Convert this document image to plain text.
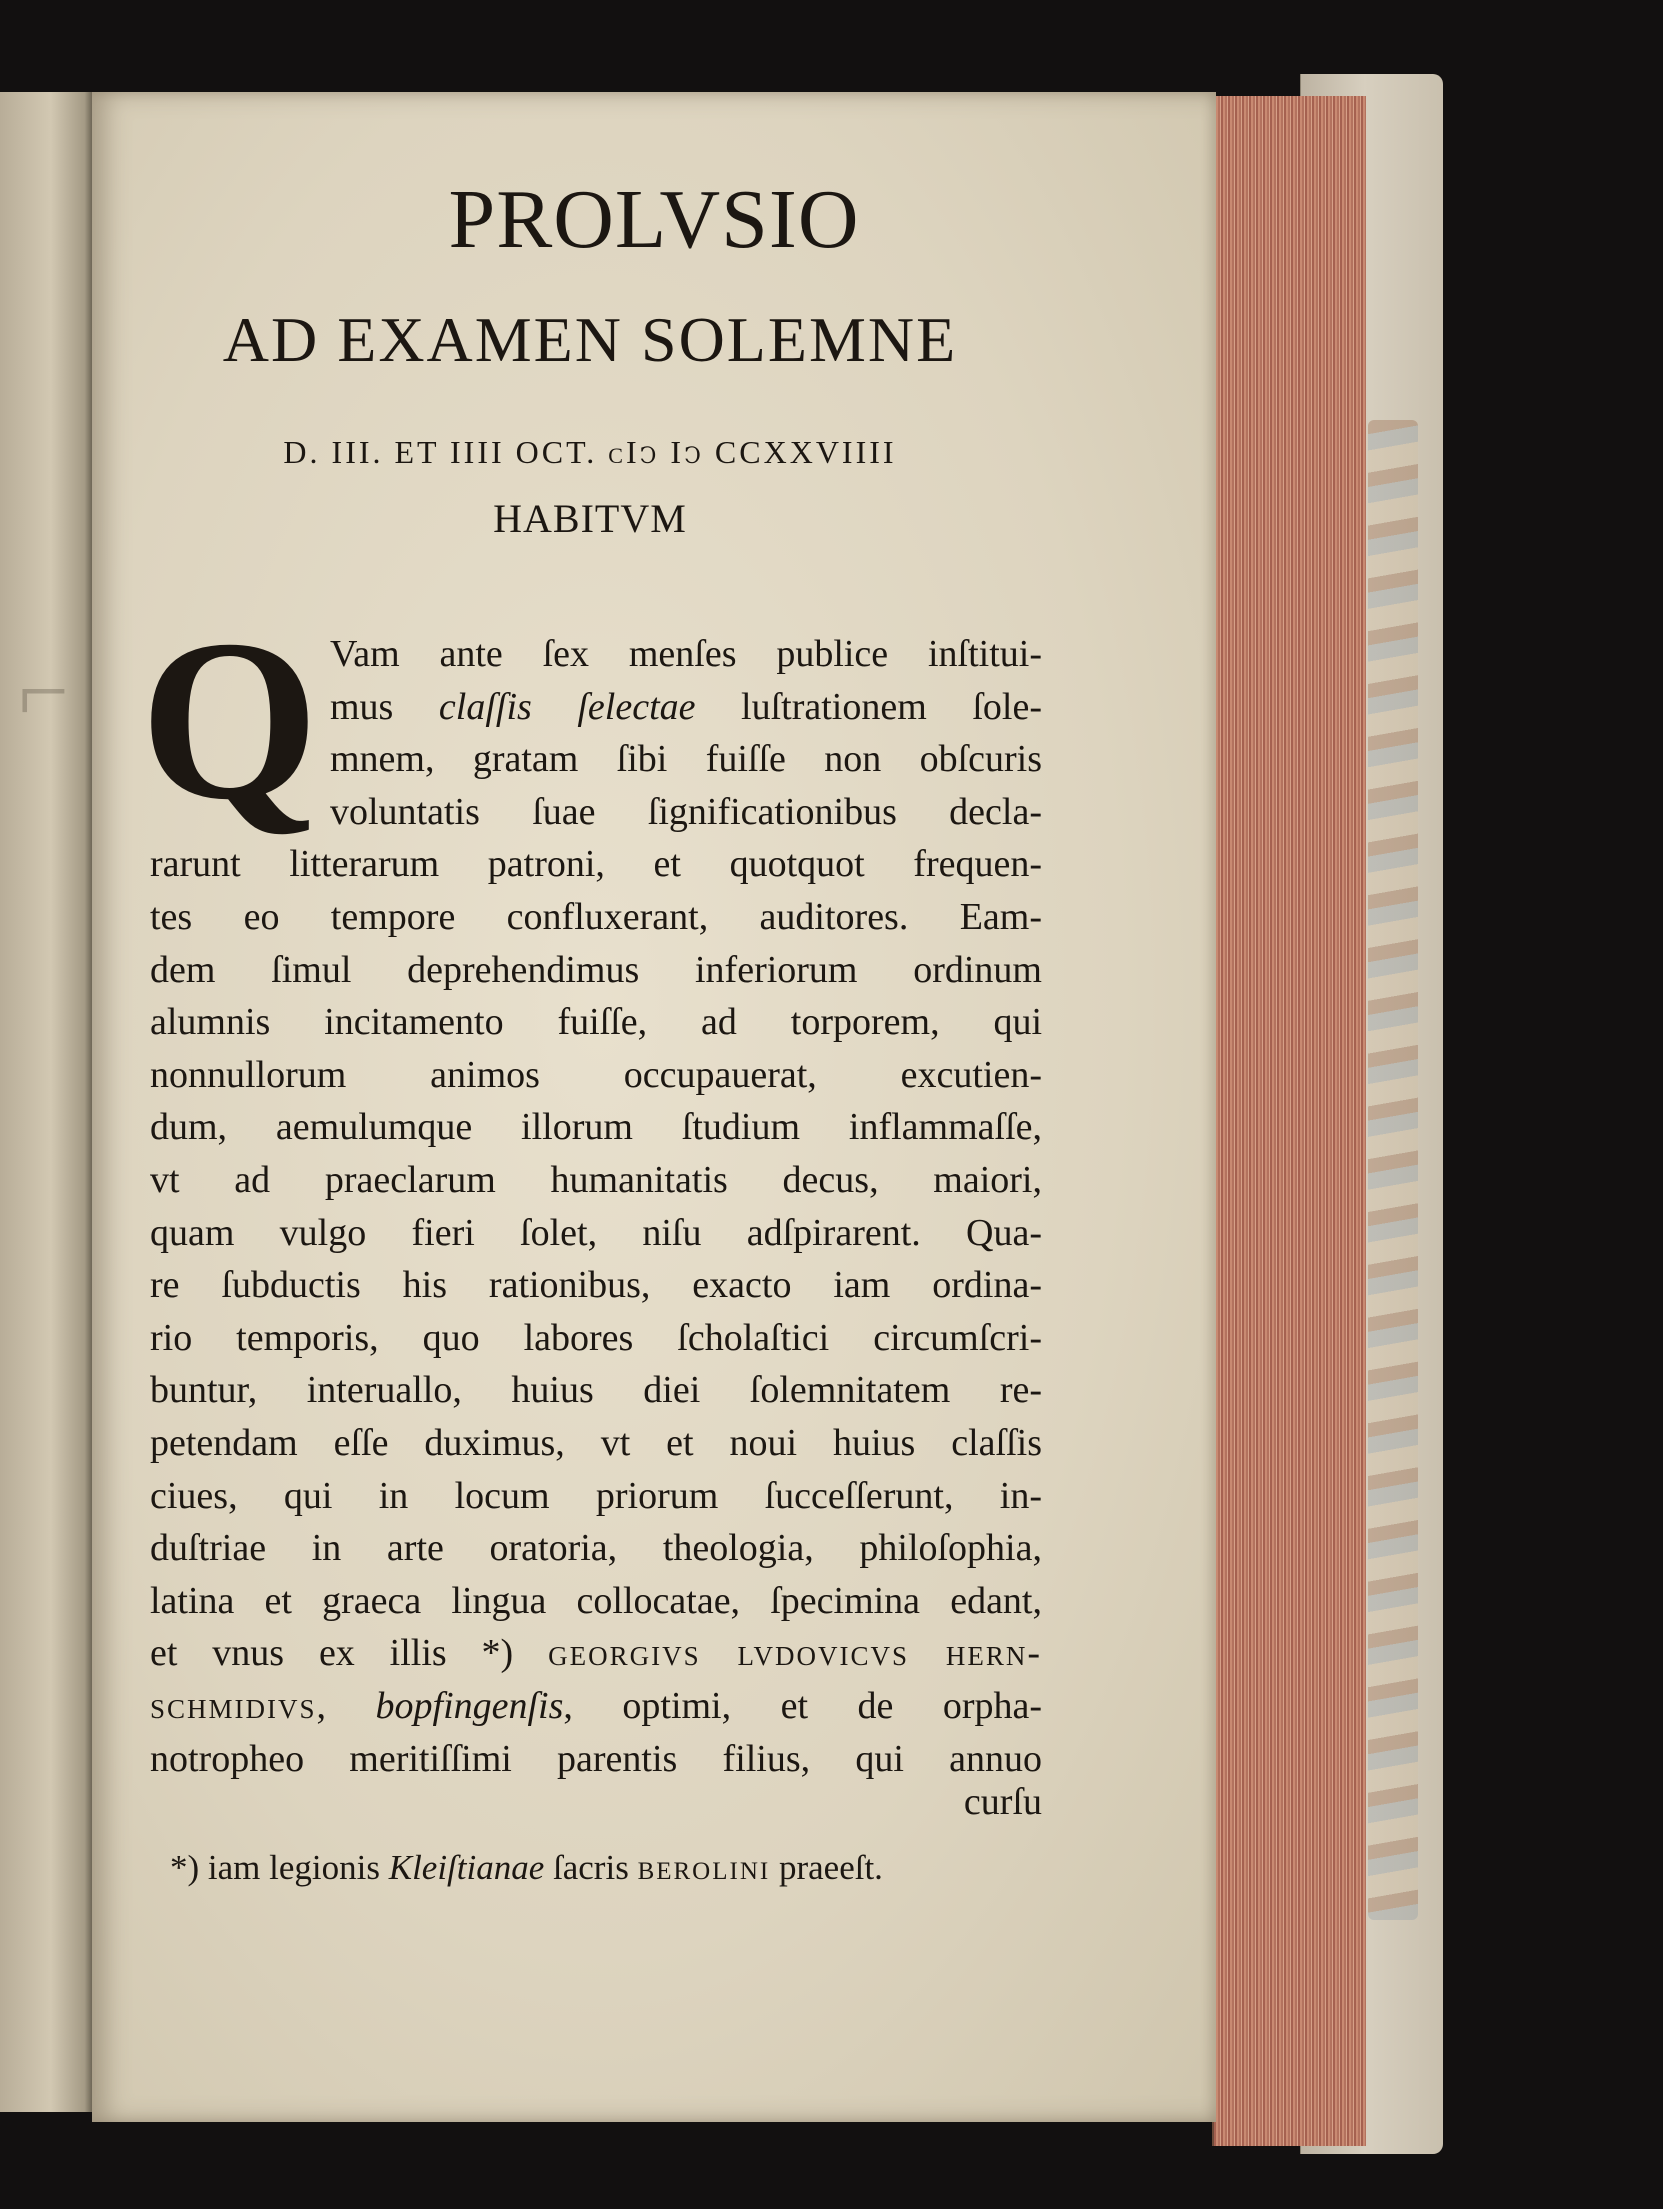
⌐
PROLVSIO
AD EXAMEN SOLEMNE
D. III. ET IIII OCT. cIↄ Iↄ CCXXVIIII
HABITVM
Q Vam ante ſex menſes publice inſtitui-
mus claſſis ſelectae luſtrationem ſole-
mnem, gratam ſibi fuiſſe non obſcuris
voluntatis ſuae ſignificationibus decla-
rarunt litterarum patroni, et quotquot frequen-
tes eo tempore confluxerant, auditores. Eam-
dem ſimul deprehendimus inferiorum ordinum
alumnis incitamento fuiſſe, ad torporem, qui
nonnullorum animos occupauerat, excutien-
dum, aemulumque illorum ſtudium inflammaſſe,
vt ad praeclarum humanitatis decus, maiori,
quam vulgo fieri ſolet, niſu adſpirarent. Qua-
re ſubductis his rationibus, exacto iam ordina-
rio temporis, quo labores ſcholaſtici circumſcri-
buntur, interuallo, huius diei ſolemnitatem re-
petendam eſſe duximus, vt et noui huius claſſis
ciues, qui in locum priorum ſucceſſerunt, in-
duſtriae in arte oratoria, theologia, philoſophia,
latina et graeca lingua collocatae, ſpecimina edant,
et vnus ex illis *) georgivs lvdovicvs hern-
schmidivs, bopfingenſis, optimi, et de orpha-
notropheo meritiſſimi parentis filius, qui annuo
curſu
*) iam legionis Kleiſtianae ſacris berolini praeeſt.
